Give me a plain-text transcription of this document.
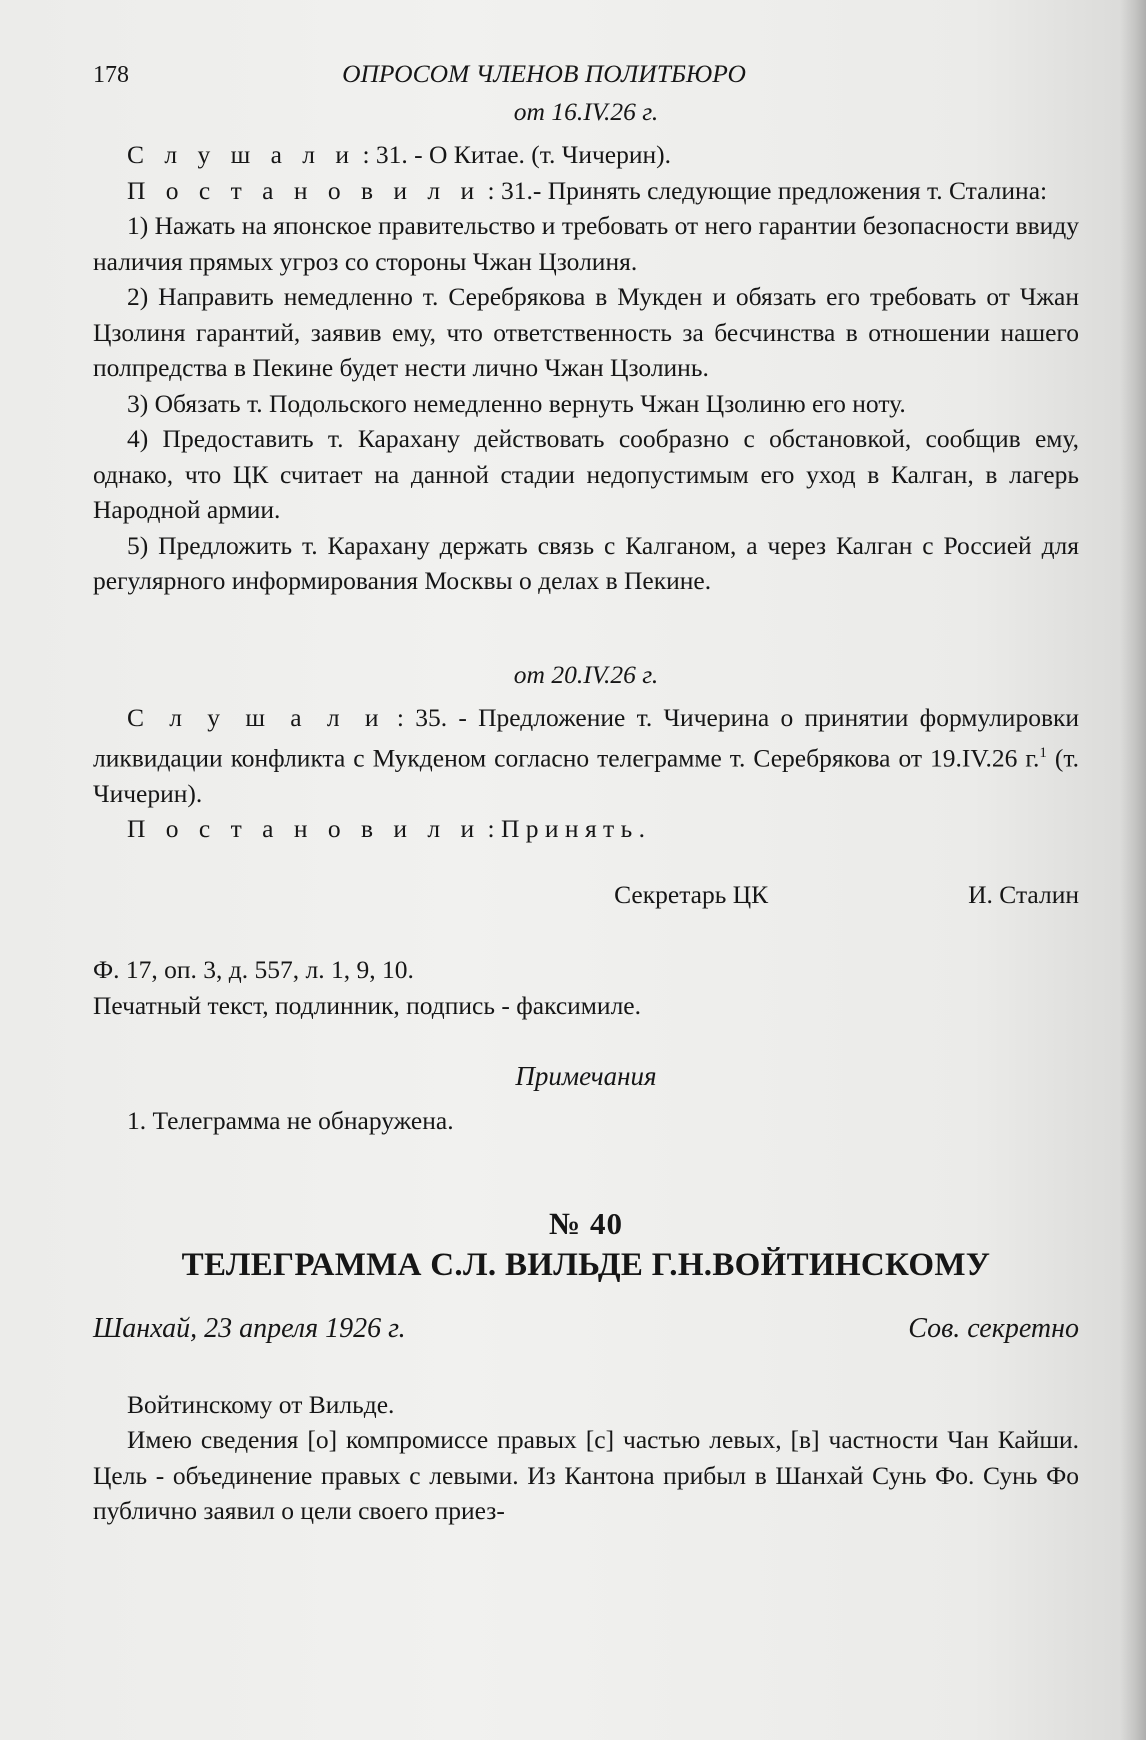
178	ОПРОСОМ ЧЛЕНОВ ПОЛИТБЮРО

от 16.IV.26 г.

С л у ш а л и : 31. - О Китае. (т. Чичерин).

П о с т а н о в и л и : 31.- Принять следующие предложения т. Сталина:

1) Нажать на японское правительство и требовать от него гарантии безопасности ввиду наличия прямых угроз со стороны Чжан Цзолиня.

2) Направить немедленно т. Серебрякова в Мукден и обязать его требовать от Чжан Цзолиня гарантий, заявив ему, что ответственность за бесчинства в отношении нашего полпредства в Пекине будет нести лично Чжан Цзолинь.

3) Обязать т. Подольского немедленно вернуть Чжан Цзолиню его ноту.

4) Предоставить т. Карахану действовать сообразно с обстановкой, сообщив ему, однако, что ЦК считает на данной стадии недопустимым его уход в Калган, в лагерь Народной армии.

5) Предложить т. Карахану держать связь с Калганом, а через Калган с Россией для регулярного информирования Москвы о делах в Пекине.

от 20.IV.26 г.

С л у ш а л и : 35. - Предложение т. Чичерина о принятии формулировки ликвидации конфликта с Мукденом согласно телеграмме т. Серебрякова от 19.IV.26 г.$^1$ (т. Чичерин).

П о с т а н о в и л и : П р и н я т ь .

Секретарь ЦК	И. Сталин

Ф. 17, оп. 3, д. 557, л. 1, 9, 10.

Печатный текст, подлинник, подпись - факсимиле.

Примечания

1. Телеграмма не обнаружена.

№ 40

ТЕЛЕГРАММА С.Л. ВИЛЬДЕ Г.Н.ВОЙТИНСКОМУ

Шанхай, 23 апреля 1926 г.	Сов. секретно

Войтинскому от Вильде.

Имею сведения [о] компромиссе правых [с] частью левых, [в] частности Чан Кайши. Цель - объединение правых с левыми. Из Кантона прибыл в Шанхай Сунь Фо. Сунь Фо публично заявил о цели своего приез-
